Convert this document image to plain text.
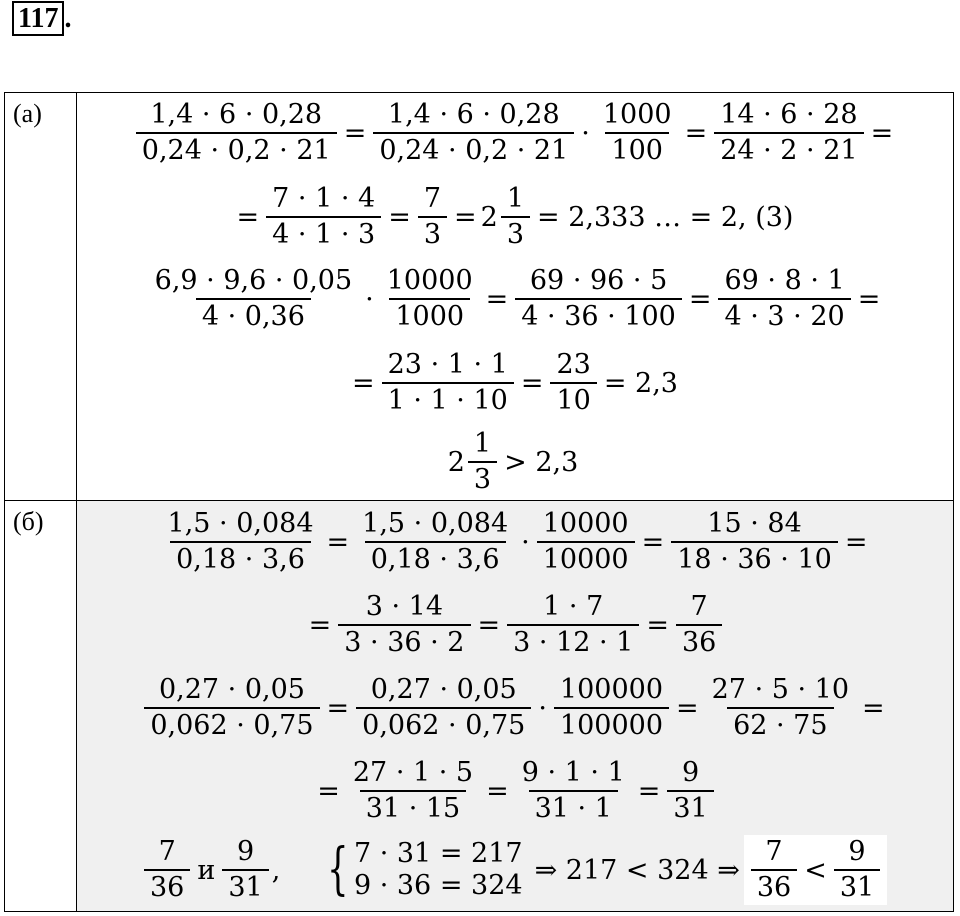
117 .
(а)	$\frac{1,4 \cdot 6 \cdot 0,28}{0,24 \cdot 0,2 \cdot 21} = \frac{1,4 \cdot 6 \cdot 0,28}{0,24 \cdot 0,2 \cdot 21} \cdot \frac{1000}{100} = \frac{14 \cdot 6 \cdot 28}{24 \cdot 2 \cdot 21}$ =
= $\frac{7 \cdot 1 \cdot 4}{4 \cdot 1 \cdot 3} = \frac{7}{3} = 2 \frac{1}{3} = 2,333$ … = 2, (3)
$\frac{6,9 \cdot 9,6 \cdot 0,05}{4 \cdot 0,36} \cdot \frac{10000}{1000} = \frac{69 \cdot 96 \cdot 5}{4 \cdot 36 \cdot 100} = \frac{69 \cdot 8 \cdot 1}{4 \cdot 3 \cdot 20}$ =
= $\frac{23 \cdot 1 \cdot 1}{1 \cdot 1 \cdot 10} = \frac{23}{10} = 2,3$
$2 \frac{1}{3} > 2,3$
(б)	$\frac{1,5 \cdot 0,084}{0,18 \cdot 3,6} = \frac{1,5 \cdot 0,084}{0,18 \cdot 3,6} \cdot \frac{10000}{10000} = \frac{15 \cdot 84}{18 \cdot 36 \cdot 10}$ =
= $\frac{3 \cdot 14}{3 \cdot 36 \cdot 2} = \frac{1 \cdot 7}{3 \cdot 12 \cdot 1} = \frac{7}{36}$
$\frac{0,27 \cdot 0,05}{0,062 \cdot 0,75} = \frac{0,27 \cdot 0,05}{0,062 \cdot 0,75} \cdot \frac{100000}{100000} = \frac{27 \cdot 5 \cdot 10}{62 \cdot 75}$ =
= $\frac{27 \cdot 1 \cdot 5}{31 \cdot 15} = \frac{9 \cdot 1 \cdot 1}{31 \cdot 1} = \frac{9}{31}$
$\frac{7}{36}$ и $\frac{9}{31}$ , { 7 · 31 = 217
9 · 36 = 324 ⇒ 217 < 324 ⇒ $\frac{7}{36} < \frac{9}{31}$
